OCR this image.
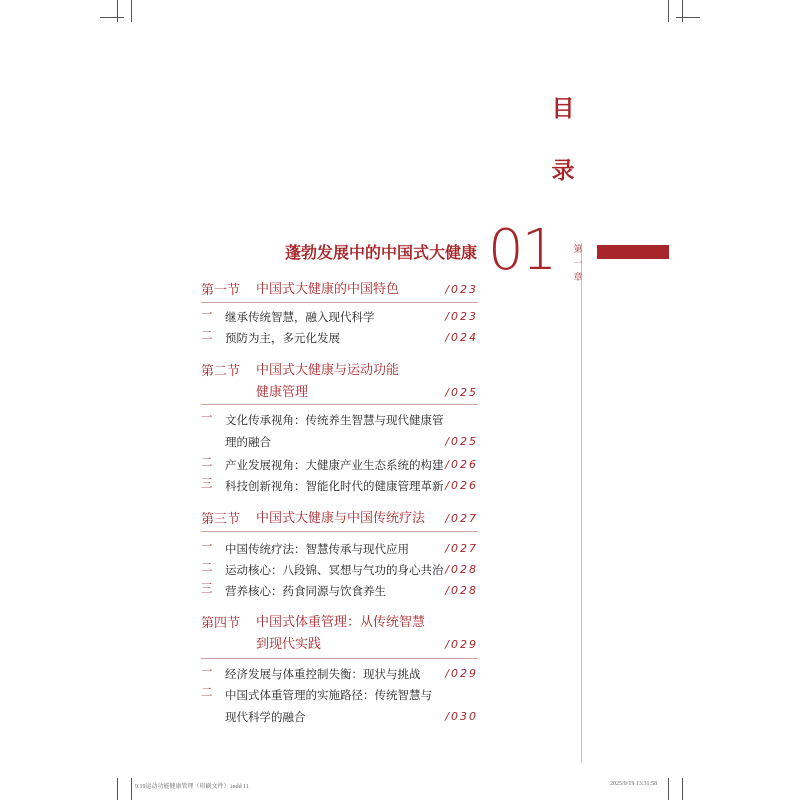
目
录
蓬勃发展中的中国式大健康 01 第一章
第一节 中国式大健康的中国特色	/023
一 继承传统智慧，融入现代科学	/023
二 预防为主，多元化发展	/024
第二节 中国式大健康与运动功能健康管理	/025
一 文化传承视角：传统养生智慧与现代健康管理的融合	/025
二 产业发展视角：大健康产业生态系统的构建 /026
三 科技创新视角：智能化时代的健康管理革新 /026
第三节 中国式大健康与中国传统疗法	/027
一 中国传统疗法：智慧传承与现代应用	/027
二 运动核心：八段锦、冥想与气功的身心共治 /028
三 营养核心：药食同源与饮食养生	/028
第四节 中国式体重管理：从传统智慧到现代实践	/029
一 经济发展与体重控制失衡：现状与挑战	/029
二 中国式体重管理的实施路径：传统智慧与现代科学的融合	/030
9.19运动功能健康管理（印刷文件）.indd 11	2025/9/19 13:31:58
